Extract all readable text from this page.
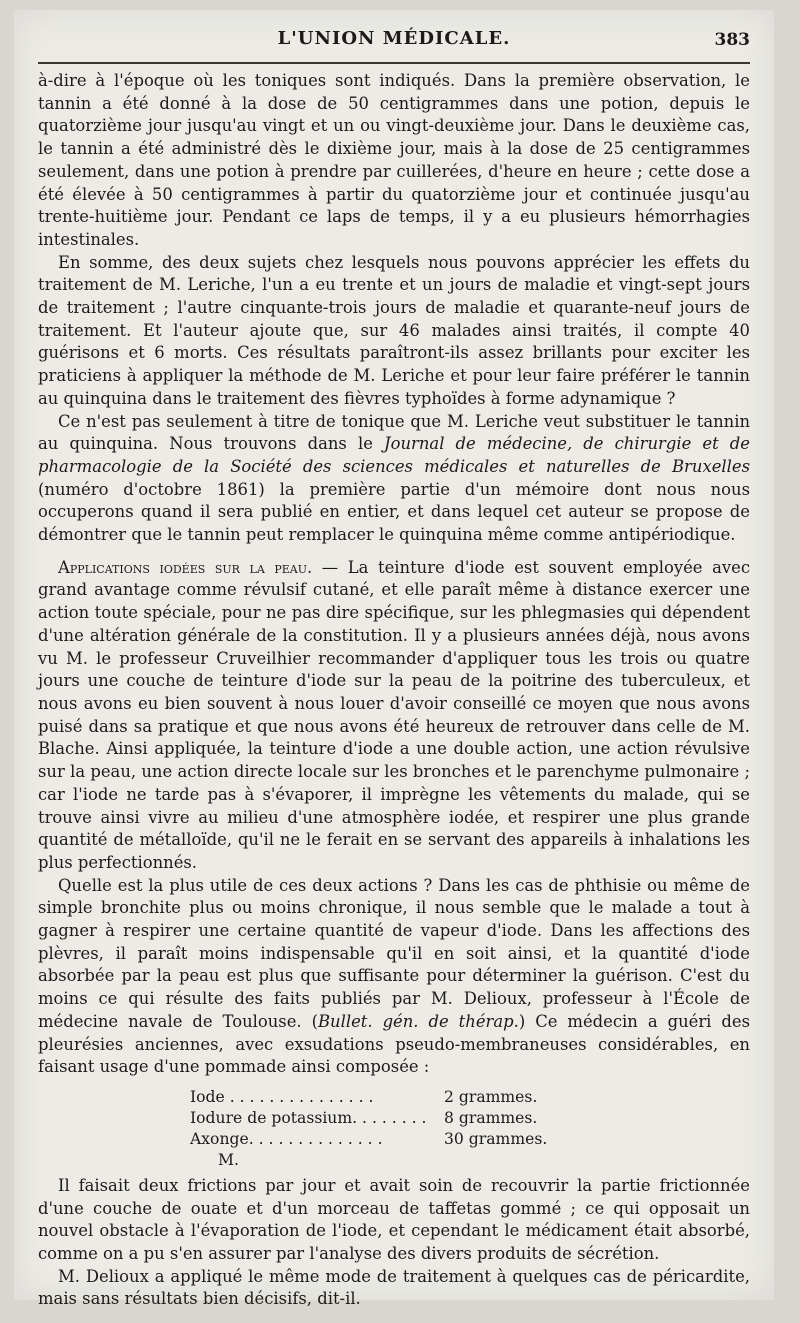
L'UNION MÉDICALE.	383

à-dire à l'époque où les toniques sont indiqués. Dans la première observation, le tannin a été donné à la dose de 50 centigrammes dans une potion, depuis le quatorzième jour jusqu'au vingt et un ou vingt-deuxième jour. Dans le deuxième cas, le tannin a été administré dès le dixième jour, mais à la dose de 25 centigrammes seulement, dans une potion à prendre par cuillerées, d'heure en heure ; cette dose a été élevée à 50 centigrammes à partir du quatorzième jour et continuée jusqu'au trente-huitième jour. Pendant ce laps de temps, il y a eu plusieurs hémorrhagies intestinales.

En somme, des deux sujets chez lesquels nous pouvons apprécier les effets du traitement de M. Leriche, l'un a eu trente et un jours de maladie et vingt-sept jours de traitement ; l'autre cinquante-trois jours de maladie et quarante-neuf jours de traitement. Et l'auteur ajoute que, sur 46 malades ainsi traités, il compte 40 guérisons et 6 morts. Ces résultats paraîtront-ils assez brillants pour exciter les praticiens à appliquer la méthode de M. Leriche et pour leur faire préférer le tannin au quinquina dans le traitement des fièvres typhoïdes à forme adynamique ?

Ce n'est pas seulement à titre de tonique que M. Leriche veut substituer le tannin au quinquina. Nous trouvons dans le Journal de médecine, de chirurgie et de pharmacologie de la Société des sciences médicales et naturelles de Bruxelles (numéro d'octobre 1861) la première partie d'un mémoire dont nous nous occuperons quand il sera publié en entier, et dans lequel cet auteur se propose de démontrer que le tannin peut remplacer le quinquina même comme antipériodique.

Applications iodées sur la peau. — La teinture d'iode est souvent employée avec grand avantage comme révulsif cutané, et elle paraît même à distance exercer une action toute spéciale, pour ne pas dire spécifique, sur les phlegmasies qui dépendent d'une altération générale de la constitution. Il y a plusieurs années déjà, nous avons vu M. le professeur Cruveilhier recommander d'appliquer tous les trois ou quatre jours une couche de teinture d'iode sur la peau de la poitrine des tuberculeux, et nous avons eu bien souvent à nous louer d'avoir conseillé ce moyen que nous avons puisé dans sa pratique et que nous avons été heureux de retrouver dans celle de M. Blache. Ainsi appliquée, la teinture d'iode a une double action, une action révulsive sur la peau, une action directe locale sur les bronches et le parenchyme pulmonaire ; car l'iode ne tarde pas à s'évaporer, il imprègne les vêtements du malade, qui se trouve ainsi vivre au milieu d'une atmosphère iodée, et respirer une plus grande quantité de métalloïde, qu'il ne le ferait en se servant des appareils à inhalations les plus perfectionnés.

Quelle est la plus utile de ces deux actions ? Dans les cas de phthisie ou même de simple bronchite plus ou moins chronique, il nous semble que le malade a tout à gagner à respirer une certaine quantité de vapeur d'iode. Dans les affections des plèvres, il paraît moins indispensable qu'il en soit ainsi, et la quantité d'iode absorbée par la peau est plus que suffisante pour déterminer la guérison. C'est du moins ce qui résulte des faits publiés par M. Delioux, professeur à l'École de médecine navale de Toulouse. (Bullet. gén. de thérap.) Ce médecin a guéri des pleurésies anciennes, avec exsudations pseudo-membraneuses considérables, en faisant usage d'une pommade ainsi composée :

Iode . . . . . . . . . . . . . . .	2 grammes.
Iodure de potassium. . . . . . . .	8 grammes.
Axonge. . . . . . . . . . . . . .	30 grammes.
M.

Il faisait deux frictions par jour et avait soin de recouvrir la partie frictionnée d'une couche de ouate et d'un morceau de taffetas gommé ; ce qui opposait un nouvel obstacle à l'évaporation de l'iode, et cependant le médicament était absorbé, comme on a pu s'en assurer par l'analyse des divers produits de sécrétion.

M. Delioux a appliqué le même mode de traitement à quelques cas de péricardite, mais sans résultats bien décisifs, dit-il.
